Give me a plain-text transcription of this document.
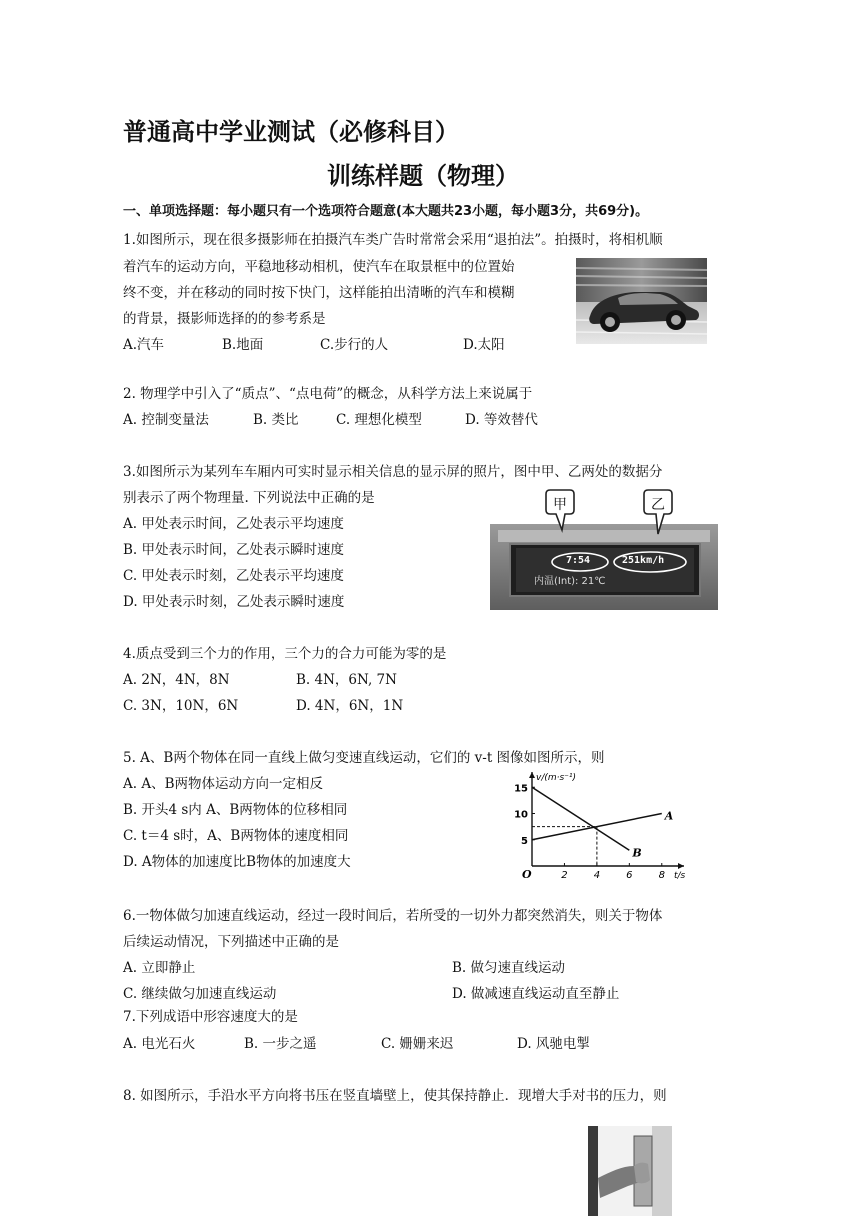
普通高中学业测试（必修科目）
训练样题（物理）
一、单项选择题：每小题只有一个选项符合题意(本大题共23小题，每小题3分，共69分)。
1.如图所示，现在很多摄影师在拍摄汽车类广告时常常会采用“退拍法”。拍摄时，将相机顺
着汽车的运动方向，平稳地移动相机，使汽车在取景框中的位置始
终不变，并在移动的同时按下快门，这样能拍出清晰的汽车和模糊
的背景，摄影师选择的的参考系是
A.汽车	B.地面	C.步行的人	D.太阳
2. 物理学中引入了“质点”、“点电荷”的概念，从科学方法上来说属于
A. 控制变量法	B. 类比	C. 理想化模型	D. 等效替代
3.如图所示为某列车车厢内可实时显示相关信息的显示屏的照片，图中甲、乙两处的数据分
别表示了两个物理量. 下列说法中正确的是
A. 甲处表示时间，乙处表示平均速度
B. 甲处表示时间，乙处表示瞬时速度
C. 甲处表示时刻，乙处表示平均速度
D. 甲处表示时刻，乙处表示瞬时速度
甲	乙
7:54	251km/h
内温(Int): 21℃
4.质点受到三个力的作用，三个力的合力可能为零的是
A. 2N，4N，8N	B. 4N，6N, 7N
C. 3N，10N，6N	D. 4N，6N，1N
5. A、B两个物体在同一直线上做匀变速直线运动，它们的 v-t 图像如图所示，则
A. A、B两物体运动方向一定相反
B. 开头4 s内 A、B两物体的位移相同
C. t＝4 s时，A、B两物体的速度相同
D. A物体的加速度比B物体的加速度大
2	4	6	8
5
10
15
O
v/(m·s⁻¹)
t/s
A
B
6.一物体做匀加速直线运动，经过一段时间后，若所受的一切外力都突然消失，则关于物体
后续运动情况，下列描述中正确的是
A. 立即静止	B. 做匀速直线运动
C. 继续做匀加速直线运动	D. 做减速直线运动直至静止
7.下列成语中形容速度大的是
A. 电光石火	B. 一步之遥	C. 姗姗来迟	D. 风驰电掣
8. 如图所示，手沿水平方向将书压在竖直墙壁上，使其保持静止．现增大手对书的压力，则
